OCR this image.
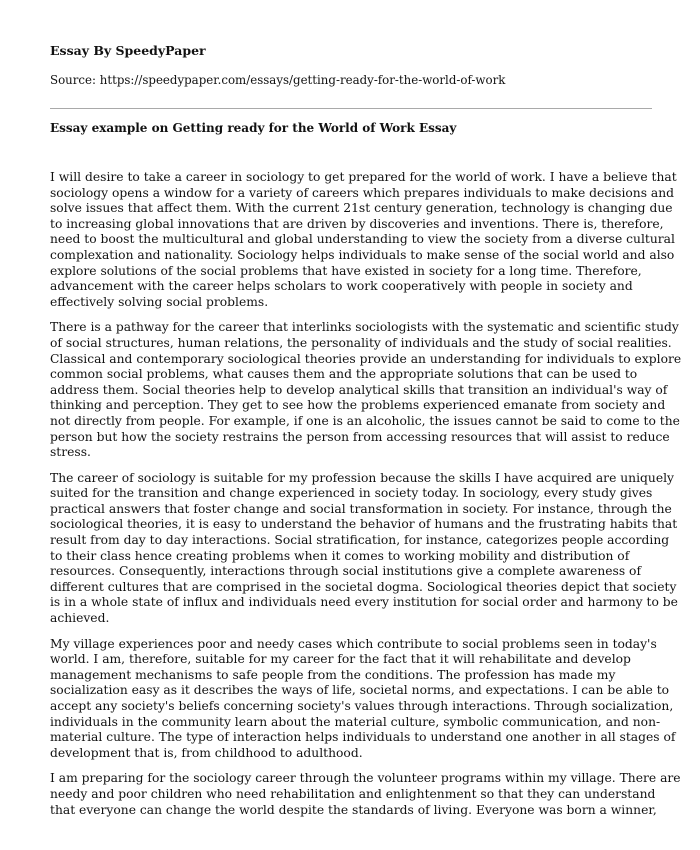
Essay By SpeedyPaper
Source: https://speedypaper.com/essays/getting-ready-for-the-world-of-work
Essay example on Getting ready for the World of Work Essay

I will desire to take a career in sociology to get prepared for the world of work. I have a believe that
sociology opens a window for a variety of careers which prepares individuals to make decisions and
solve issues that affect them. With the current 21st century generation, technology is changing due
to increasing global innovations that are driven by discoveries and inventions. There is, therefore,
need to boost the multicultural and global understanding to view the society from a diverse cultural
complexation and nationality. Sociology helps individuals to make sense of the social world and also
explore solutions of the social problems that have existed in society for a long time. Therefore,
advancement with the career helps scholars to work cooperatively with people in society and
effectively solving social problems.

There is a pathway for the career that interlinks sociologists with the systematic and scientific study
of social structures, human relations, the personality of individuals and the study of social realities.
Classical and contemporary sociological theories provide an understanding for individuals to explore
common social problems, what causes them and the appropriate solutions that can be used to
address them. Social theories help to develop analytical skills that transition an individual's way of
thinking and perception. They get to see how the problems experienced emanate from society and
not directly from people. For example, if one is an alcoholic, the issues cannot be said to come to the
person but how the society restrains the person from accessing resources that will assist to reduce
stress.

The career of sociology is suitable for my profession because the skills I have acquired are uniquely
suited for the transition and change experienced in society today. In sociology, every study gives
practical answers that foster change and social transformation in society. For instance, through the
sociological theories, it is easy to understand the behavior of humans and the frustrating habits that
result from day to day interactions. Social stratification, for instance, categorizes people according
to their class hence creating problems when it comes to working mobility and distribution of
resources. Consequently, interactions through social institutions give a complete awareness of
different cultures that are comprised in the societal dogma. Sociological theories depict that society
is in a whole state of influx and individuals need every institution for social order and harmony to be
achieved.

My village experiences poor and needy cases which contribute to social problems seen in today's
world. I am, therefore, suitable for my career for the fact that it will rehabilitate and develop
management mechanisms to safe people from the conditions. The profession has made my
socialization easy as it describes the ways of life, societal norms, and expectations. I can be able to
accept any society's beliefs concerning society's values through interactions. Through socialization,
individuals in the community learn about the material culture, symbolic communication, and non-
material culture. The type of interaction helps individuals to understand one another in all stages of
development that is, from childhood to adulthood.

I am preparing for the sociology career through the volunteer programs within my village. There are
needy and poor children who need rehabilitation and enlightenment so that they can understand
that everyone can change the world despite the standards of living. Everyone was born a winner,
